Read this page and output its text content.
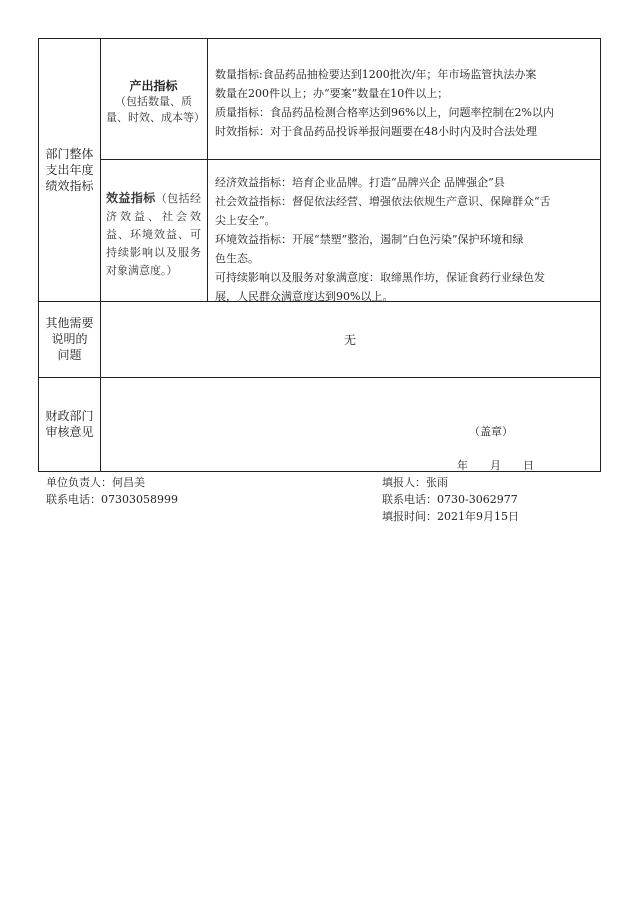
部门整体
支出年度
绩效指标
产出指标
（包括数量、质量、时效、成本等）
数量指标:食品药品抽检要达到1200批次/年；年市场监管执法办案
数量在200件以上；办“要案”数量在10件以上；
质量指标：食品药品检测合格率达到96%以上，问题率控制在2%以内
时效指标：对于食品药品投诉举报问题要在48小时内及时合法处理
效益指标（包括经济效益、社会效益、环境效益、可持续影响以及服务对象满意度。）
经济效益指标：培育企业品牌。打造“品牌兴企 品牌强企”县
社会效益指标：督促依法经营、增强依法依规生产意识、保障群众“舌
尖上安全”。
环境效益指标：开展“禁塑”整治，遏制“白色污染”保护环境和绿
色生态。
可持续影响以及服务对象满意度：取缔黑作坊，保证食药行业绿色发
展，人民群众满意度达到90%以上。
其他需要
说明的
问题
无
财政部门
审核意见	（盖章）
年　　月　　日
单位负责人：何昌美
联系电话：07303058999
填报人：张雨
联系电话：0730-3062977
填报时间：2021年9月15日
